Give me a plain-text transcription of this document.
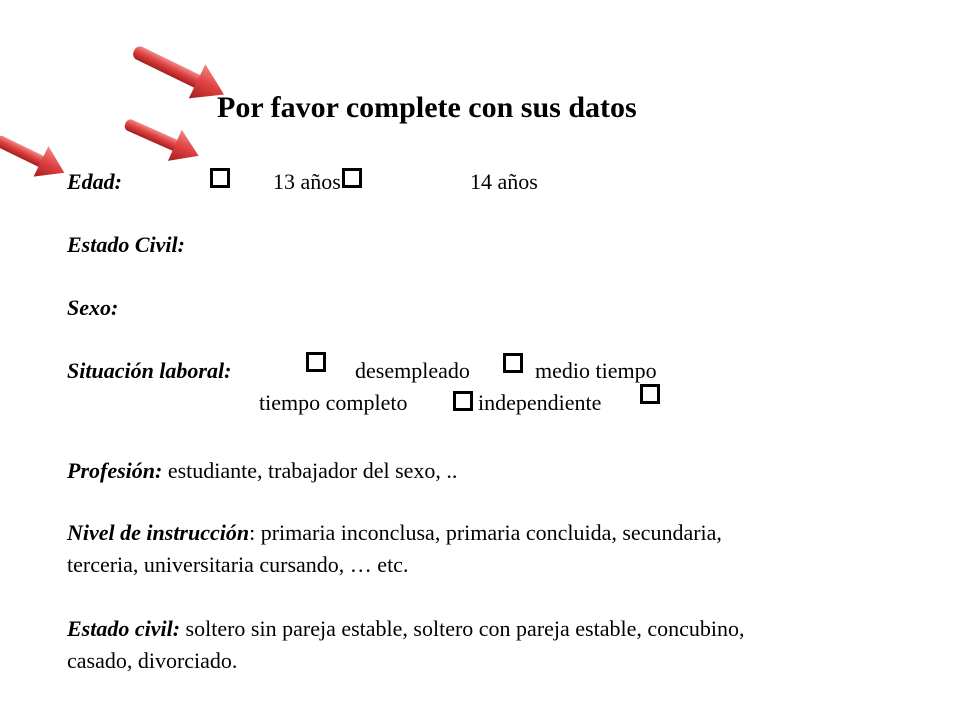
Por favor complete con sus datos
Edad:	13 años	14 años
Estado Civil:
Sexo:
Situación laboral:	desempleado	medio tiempo
tiempo completo	independiente
Profesión: estudiante, trabajador del sexo, ..
Nivel de instrucción: primaria inconclusa, primaria concluida, secundaria,
terceria, universitaria cursando, … etc.
Estado civil: soltero sin pareja estable, soltero con pareja estable, concubino,
casado, divorciado.
